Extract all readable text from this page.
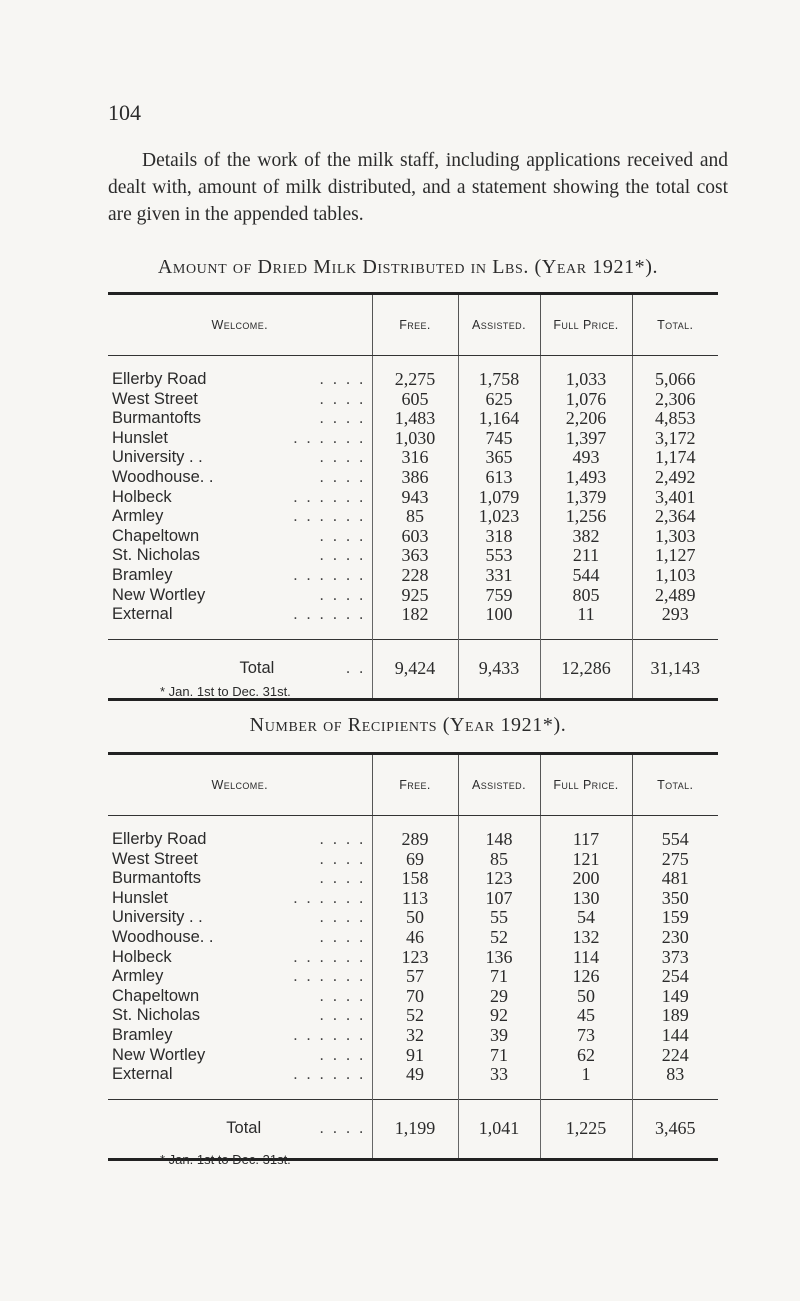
104

Details of the work of the milk staff, including applications received and dealt with, amount of milk distributed, and a statement showing the total cost are given in the appended tables.

Amount of Dried Milk Distributed in Lbs. (Year 1921*).
Welcome.	Free.	Assisted.	Full Price.	Total.
Ellerby Road . . . .	2,275	1,758	1,033	5,066
West Street . . . .	605	625	1,076	2,306
Burmantofts . . . .	1,483	1,164	2,206	4,853
Hunslet . . . . . .	1,030	745	1,397	3,172
University . . . . . .	316	365	493	1,174
Woodhouse. . . . . .	386	613	1,493	2,492
Holbeck . . . . . .	943	1,079	1,379	3,401
Armley . . . . . .	85	1,023	1,256	2,364
Chapeltown . . . .	603	318	382	1,303
St. Nicholas . . . .	363	553	211	1,127
Bramley . . . . . .	228	331	544	1,103
New Wortley . . . .	925	759	805	2,489
External . . . . . .	182	100	11	293
Total . .	9,424	9,433	12,286	31,143
* Jan. 1st to Dec. 31st.
Number of Recipients (Year 1921*).
Welcome.	Free.	Assisted.	Full Price.	Total.
Ellerby Road . . . .	289	148	117	554
West Street . . . .	69	85	121	275
Burmantofts . . . .	158	123	200	481
Hunslet . . . . . .	113	107	130	350
University . . . . . .	50	55	54	159
Woodhouse. . . . . .	46	52	132	230
Holbeck . . . . . .	123	136	114	373
Armley . . . . . .	57	71	126	254
Chapeltown . . . .	70	29	50	149
St. Nicholas . . . .	52	92	45	189
Bramley . . . . . .	32	39	73	144
New Wortley . . . .	91	71	62	224
External . . . . . .	49	33	1	83
Total . . . .	1,199	1,041	1,225	3,465
* Jan. 1st to Dec. 31st.
